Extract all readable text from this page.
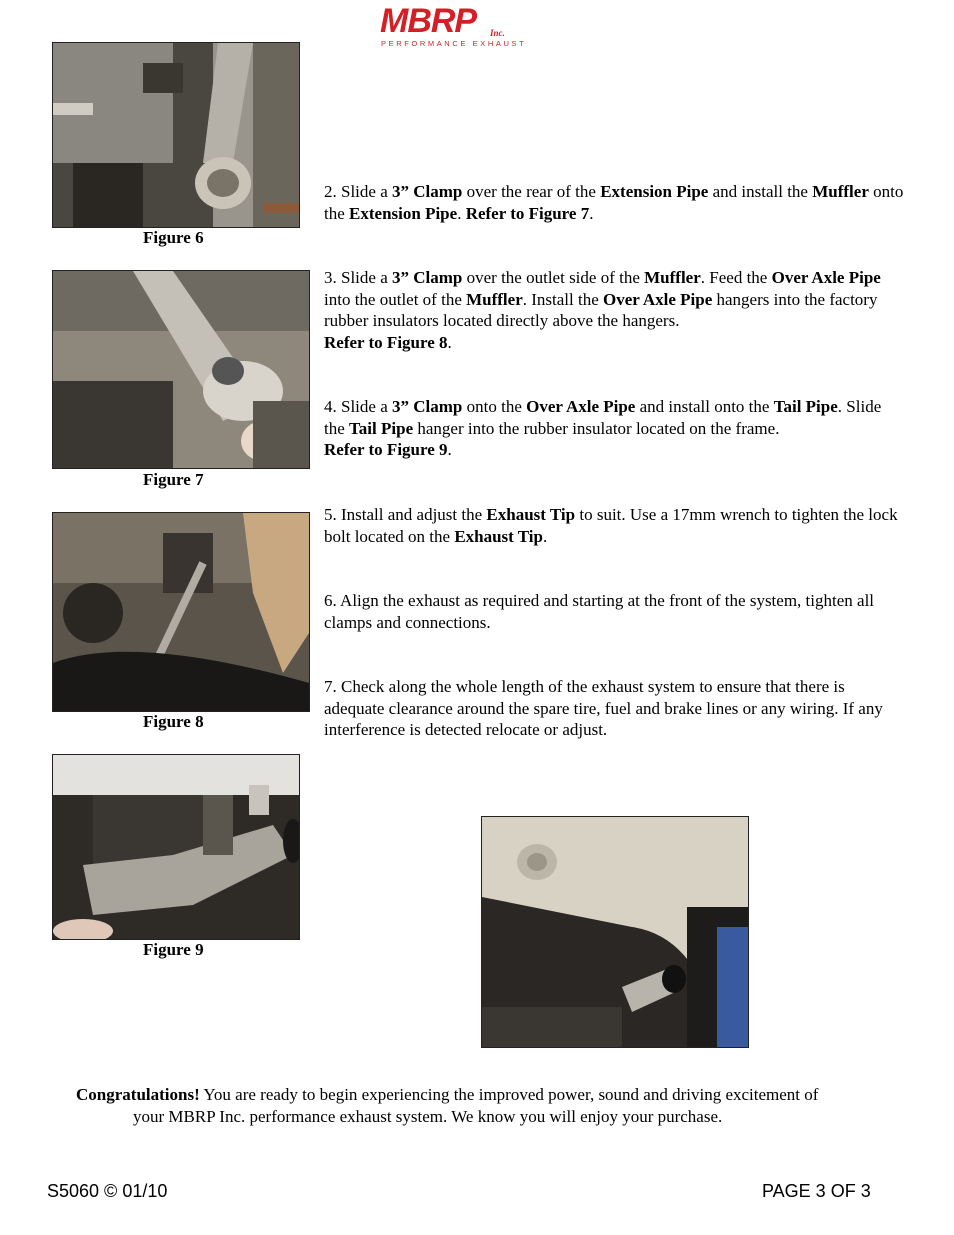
MBRP Inc.
PERFORMANCE EXHAUST
Figure 6
Figure 7
Figure 8
Figure 9
2. Slide a 3” Clamp over the rear of the Extension Pipe and install the Muffler onto the Extension Pipe. Refer to Figure 7.
3. Slide a 3” Clamp over the outlet side of the Muffler. Feed the Over Axle Pipe into the outlet of the Muffler. Install the Over Axle Pipe hangers into the factory rubber insulators located directly above the hangers.
Refer to Figure 8.
4. Slide a 3” Clamp onto the Over Axle Pipe and install onto the Tail Pipe. Slide the Tail Pipe hanger into the rubber insulator located on the frame.
Refer to Figure 9.
5. Install and adjust the Exhaust Tip to suit. Use a 17mm wrench to tighten the lock bolt located on the Exhaust Tip.
6. Align the exhaust as required and starting at the front of the system, tighten all clamps and connections.
7. Check along the whole length of the exhaust system to ensure that there is adequate clearance around the spare tire, fuel and brake lines or any wiring. If any interference is detected relocate or adjust.
Congratulations! You are ready to begin experiencing the improved power, sound and driving excitement of
your MBRP Inc. performance exhaust system. We know you will enjoy your purchase.
S5060 © 01/10	PAGE 3 OF 3
